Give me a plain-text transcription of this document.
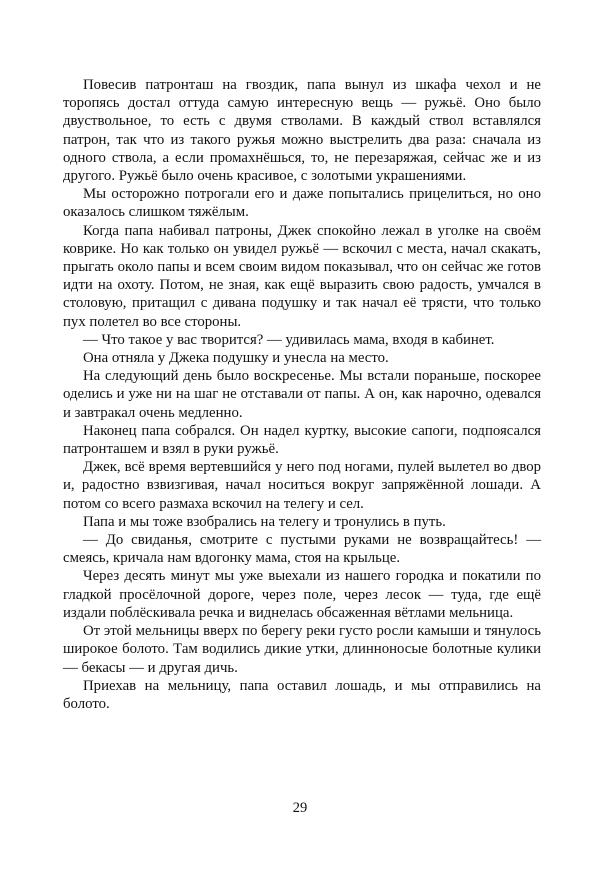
Повесив патронташ на гвоздик, папа вынул из шкафа чехол и не торопясь достал оттуда самую интересную вещь — ружьё. Оно было двуствольное, то есть с двумя стволами. В каждый ствол вставлялся патрон, так что из такого ружья можно выстрелить два раза: сначала из одного ствола, а если промахнёшься, то, не перезаряжая, сейчас же и из другого. Ружьё было очень красивое, с золотыми украшениями.

Мы осторожно потрогали его и даже попытались прицелиться, но оно оказалось слишком тяжёлым.

Когда папа набивал патроны, Джек спокойно лежал в уголке на своём коврике. Но как только он увидел ружьё — вскочил с места, начал скакать, прыгать около папы и всем своим видом показывал, что он сейчас же готов идти на охоту. Потом, не зная, как ещё выразить свою радость, умчался в столовую, притащил с дивана подушку и так начал её трясти, что только пух полетел во все стороны.

— Что такое у вас творится? — удивилась мама, входя в кабинет.

Она отняла у Джека подушку и унесла на место.

На следующий день было воскресенье. Мы встали пораньше, поскорее оделись и уже ни на шаг не отставали от папы. А он, как нарочно, одевался и завтракал очень медленно.

Наконец папа собрался. Он надел куртку, высокие сапоги, подпоясался патронташем и взял в руки ружьё.

Джек, всё время вертевшийся у него под ногами, пулей вылетел во двор и, радостно взвизгивая, начал носиться вокруг запряжённой лошади. А потом со всего размаха вскочил на телегу и сел.

Папа и мы тоже взобрались на телегу и тронулись в путь.

— До свиданья, смотрите с пустыми руками не возвращайтесь! — смеясь, кричала нам вдогонку мама, стоя на крыльце.

Через десять минут мы уже выехали из нашего городка и покатили по гладкой просёлочной дороге, через поле, через лесок — туда, где ещё издали поблёскивала речка и виднелась обсаженная вётлами мельница.

От этой мельницы вверх по берегу реки густо росли камыши и тянулось широкое болото. Там водились дикие утки, длинноносые болотные кулики — бекасы — и другая дичь.

Приехав на мельницу, папа оставил лошадь, и мы отправились на болото.

29
